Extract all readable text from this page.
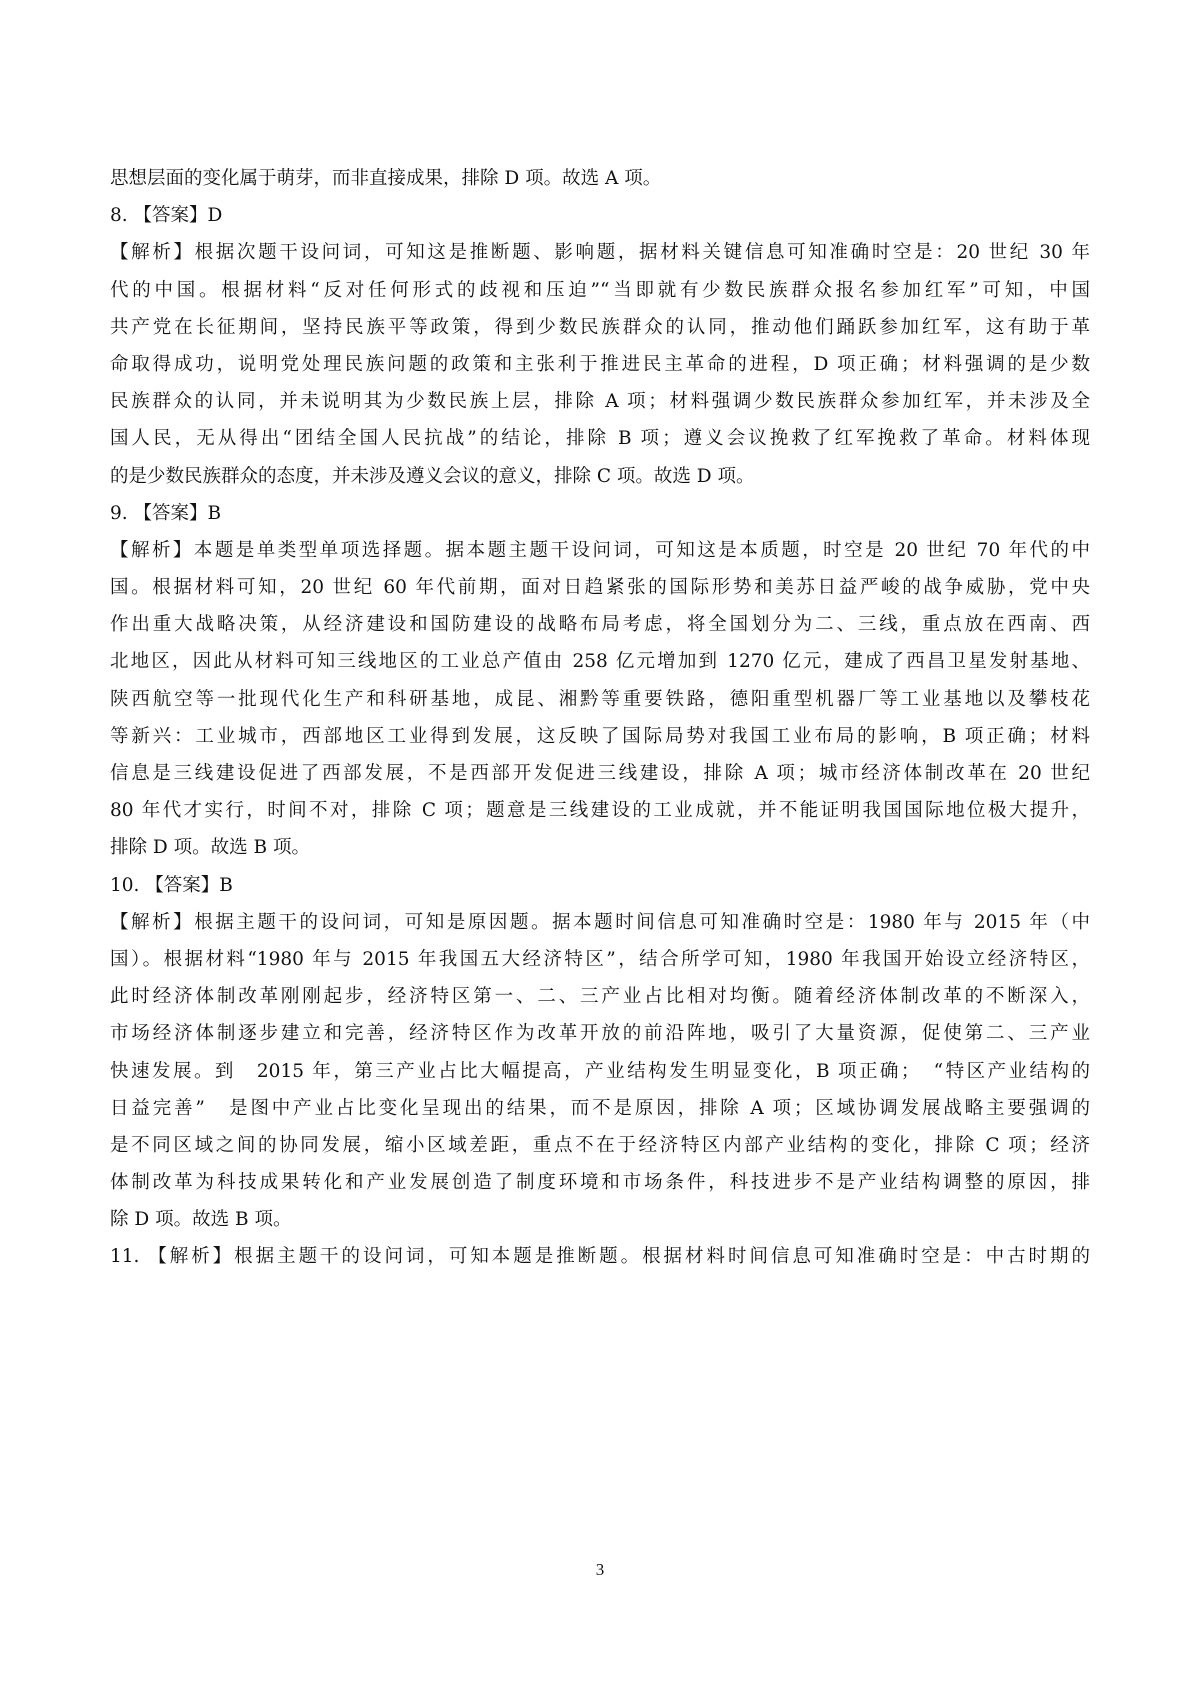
思想层面的变化属于萌芽，而非直接成果，排除 D 项。故选 A 项。
8. 【答案】D
【解析】根据次题干设问词，可知这是推断题、影响题，据材料关键信息可知准确时空是：20 世纪 30 年
代的中国。根据材料“反对任何形式的歧视和压迫”“当即就有少数民族群众报名参加红军”可知，中国
共产党在长征期间，坚持民族平等政策，得到少数民族群众的认同，推动他们踊跃参加红军，这有助于革
命取得成功，说明党处理民族问题的政策和主张利于推进民主革命的进程，D 项正确；材料强调的是少数
民族群众的认同，并未说明其为少数民族上层，排除 A 项；材料强调少数民族群众参加红军，并未涉及全
国人民，无从得出“团结全国人民抗战”的结论，排除 B 项；遵义会议挽救了红军挽救了革命。材料体现
的是少数民族群众的态度，并未涉及遵义会议的意义，排除 C 项。故选 D 项。
9. 【答案】B
【解析】本题是单类型单项选择题。据本题主题干设问词，可知这是本质题，时空是 20 世纪 70 年代的中
国。根据材料可知，20 世纪 60 年代前期，面对日趋紧张的国际形势和美苏日益严峻的战争威胁，党中央
作出重大战略决策，从经济建设和国防建设的战略布局考虑，将全国划分为二、三线，重点放在西南、西
北地区，因此从材料可知三线地区的工业总产值由 258 亿元增加到 1270 亿元，建成了西昌卫星发射基地、
陕西航空等一批现代化生产和科研基地，成昆、湘黔等重要铁路，德阳重型机器厂等工业基地以及攀枝花
等新兴：工业城市，西部地区工业得到发展，这反映了国际局势对我国工业布局的影响，B 项正确；材料
信息是三线建设促进了西部发展，不是西部开发促进三线建设，排除 A 项；城市经济体制改革在 20 世纪
80 年代才实行，时间不对，排除 C 项；题意是三线建设的工业成就，并不能证明我国国际地位极大提升，
排除 D 项。故选 B 项。
10. 【答案】B
【解析】根据主题干的设问词，可知是原因题。据本题时间信息可知准确时空是：1980 年与 2015 年（中
国）。根据材料“1980 年与 2015 年我国五大经济特区”，结合所学可知，1980 年我国开始设立经济特区，
此时经济体制改革刚刚起步，经济特区第一、二、三产业占比相对均衡。随着经济体制改革的不断深入，
市场经济体制逐步建立和完善，经济特区作为改革开放的前沿阵地，吸引了大量资源，促使第二、三产业
快速发展。到　2015 年，第三产业占比大幅提高，产业结构发生明显变化，B 项正确；　“特区产业结构的
日益完善”　是图中产业占比变化呈现出的结果，而不是原因，排除 A 项；区域协调发展战略主要强调的
是不同区域之间的协同发展，缩小区域差距，重点不在于经济特区内部产业结构的变化，排除 C 项；经济
体制改革为科技成果转化和产业发展创造了制度环境和市场条件，科技进步不是产业结构调整的原因，排
除 D 项。故选 B 项。
11. 【解析】根据主题干的设问词，可知本题是推断题。根据材料时间信息可知准确时空是：中古时期的
3
